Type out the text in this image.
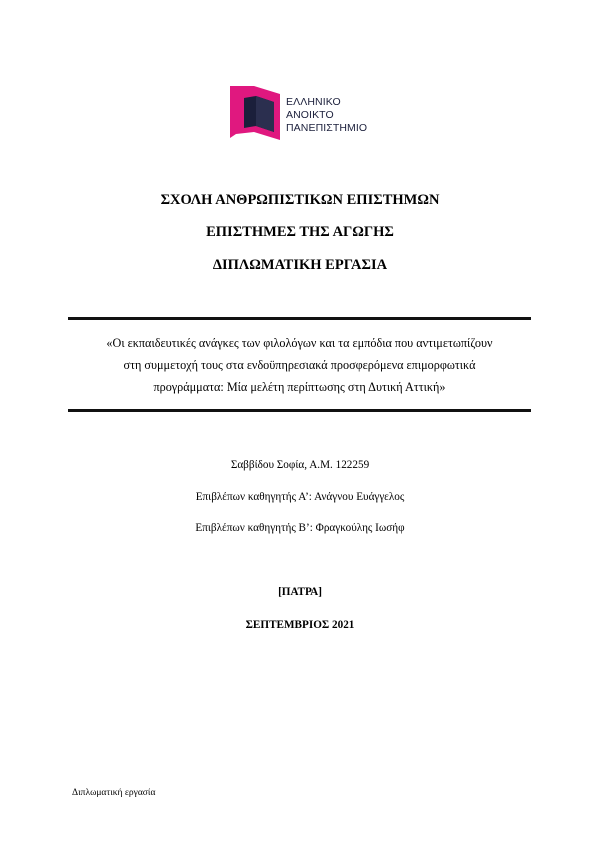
ΕΛΛΗΝΙΚΟ
ΑΝΟΙΚΤΟ
ΠΑΝΕΠΙΣΤΗΜΙΟ
ΣΧΟΛΗ ΑΝΘΡΩΠΙΣΤΙΚΩΝ ΕΠΙΣΤΗΜΩΝ
ΕΠΙΣΤΗΜΕΣ ΤΗΣ ΑΓΩΓΗΣ
ΔΙΠΛΩΜΑΤΙΚΗ ΕΡΓΑΣΙΑ
«Οι εκπαιδευτικές ανάγκες των φιλολόγων και τα εμπόδια που αντιμετωπίζουν
στη συμμετοχή τους στα ενδοϋπηρεσιακά προσφερόμενα επιμορφωτικά
προγράμματα: Μία μελέτη περίπτωσης στη Δυτική Αττική»
Σαββίδου Σοφία, Α.Μ. 122259
Επιβλέπων καθηγητής Α’: Ανάγνου Ευάγγελος
Επιβλέπων καθηγητής Β’: Φραγκούλης Ιωσήφ
[ΠΑΤΡΑ]
ΣΕΠΤΕΜΒΡΙΟΣ 2021
Διπλωματική εργασία
